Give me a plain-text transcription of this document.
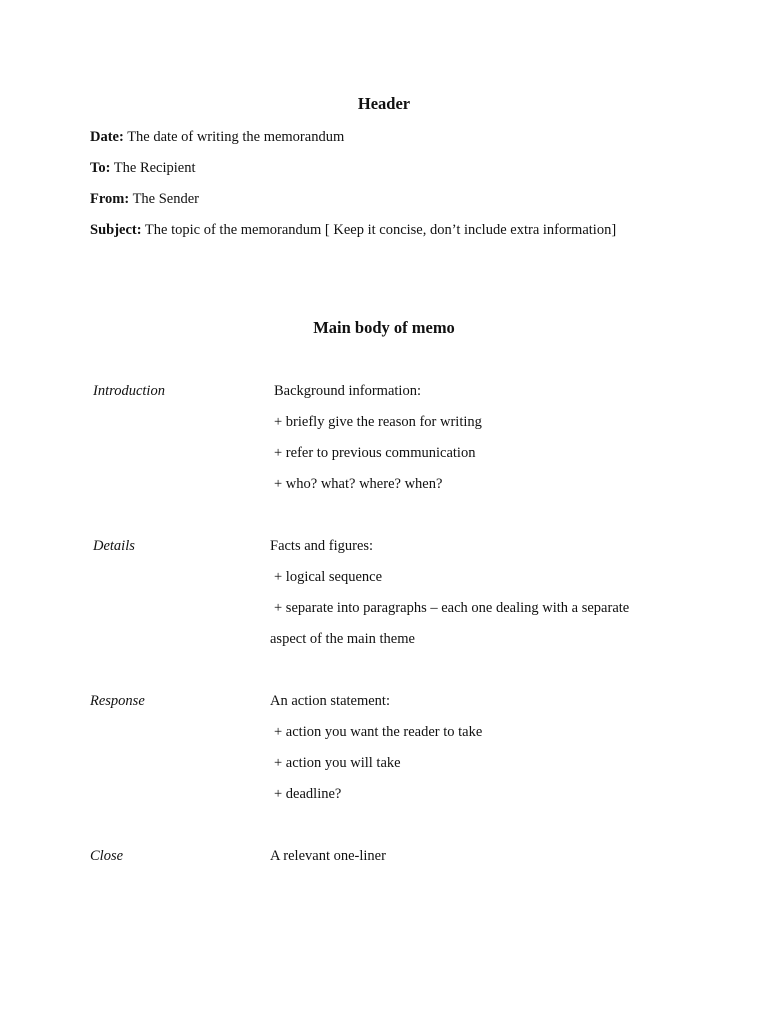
Header
Date: The date of writing the memorandum
To: The Recipient
From: The Sender
Subject: The topic of the memorandum [ Keep it concise, don’t include extra information]
Main body of memo
Introduction	Background information:
+ briefly give the reason for writing
+ refer to previous communication
+ who? what? where? when?
Details	Facts and figures:
+ logical sequence
+ separate into paragraphs – each one dealing with a separate
aspect of the main theme
Response	An action statement:
+ action you want the reader to take
+ action you will take
+ deadline?
Close	A relevant one-liner
